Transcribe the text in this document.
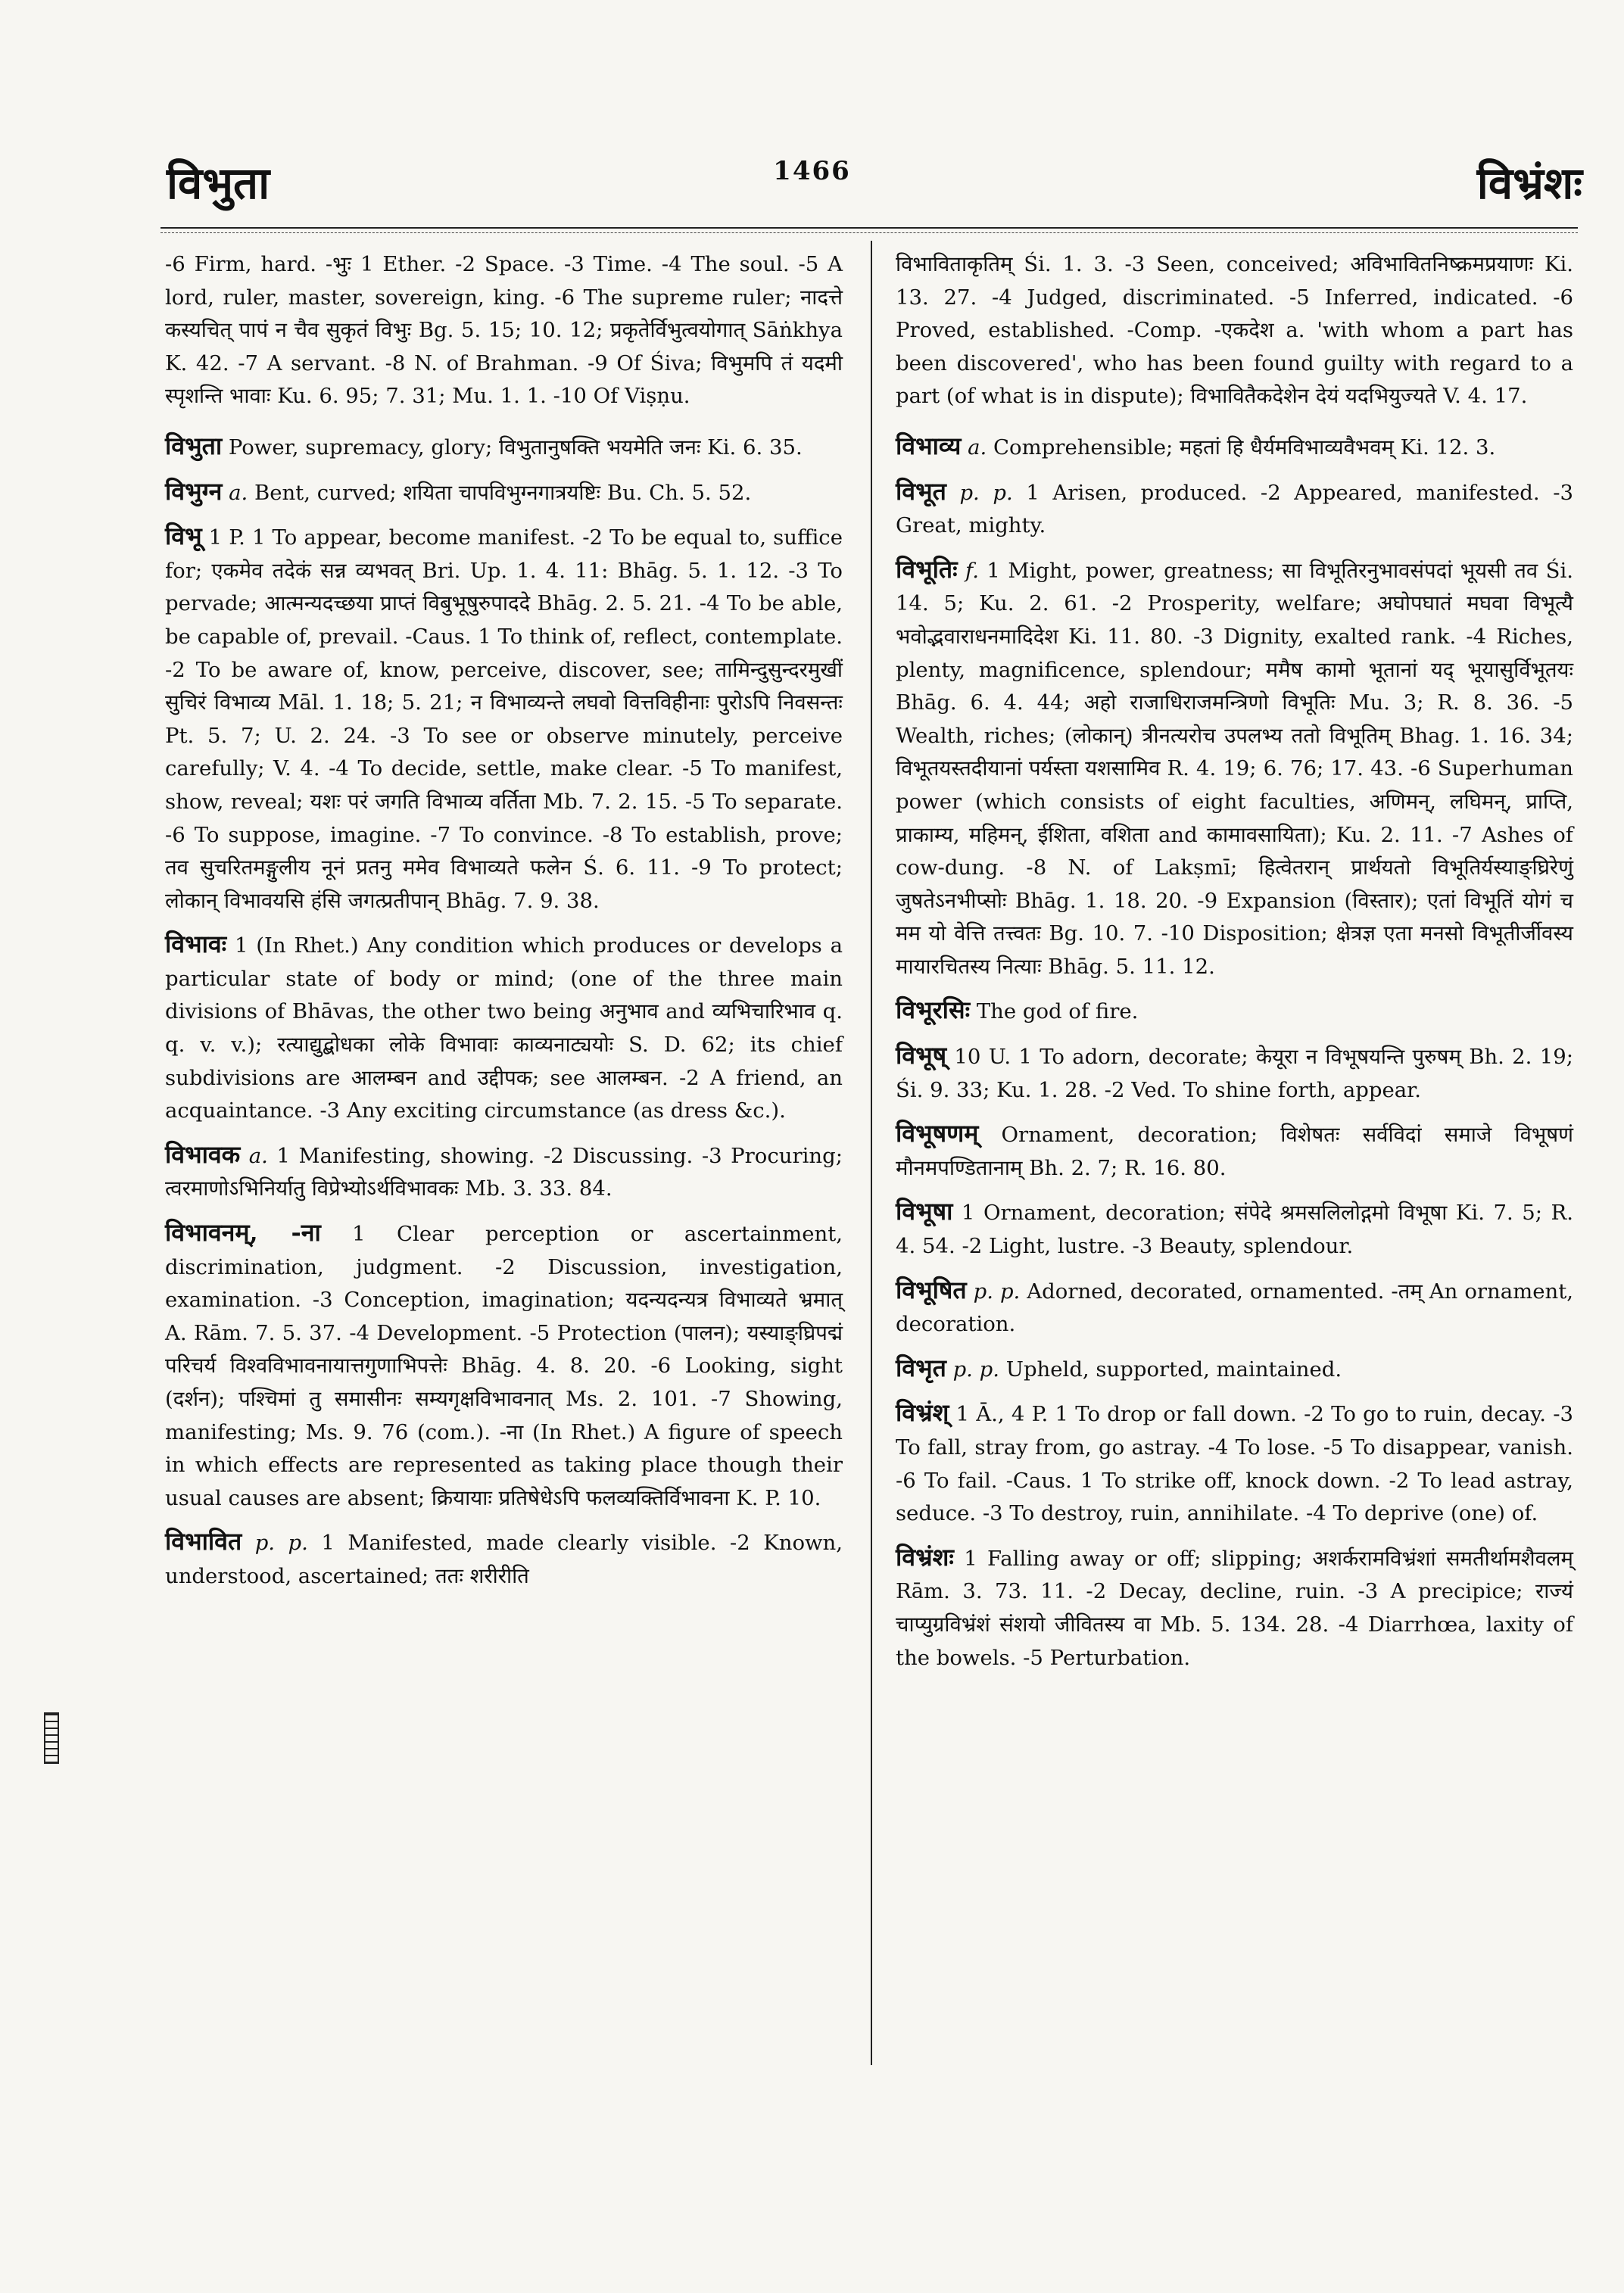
विभुता	1466	विभ्रंशः

-6 Firm, hard. -भुः 1 Ether. -2 Space. -3 Time. -4 The soul. -5 A lord, ruler, master, sovereign, king. -6 The supreme ruler; नादत्ते कस्यचित् पापं न चैव सुकृतं विभुः Bg. 5. 15; 10. 12; प्रकृतेर्विभुत्वयोगात् Sāṅkhya K. 42. -7 A servant. -8 N. of Brahman. -9 Of Śiva; विभुमपि तं यदमी स्पृशन्ति भावाः Ku. 6. 95; 7. 31; Mu. 1. 1. -10 Of Viṣṇu.

विभुता Power, supremacy, glory; विभुतानुषक्ति भयमेति जनः Ki. 6. 35.

विभुग्न a. Bent, curved; शयिता चापविभुग्नगात्रयष्टिः Bu. Ch. 5. 52.

विभू 1 P. 1 To appear, become manifest. -2 To be equal to, suffice for; एकमेव तदेकं सन्न व्यभवत् Bri. Up. 1. 4. 11: Bhāg. 5. 1. 12. -3 To pervade; आत्मन्यदच्छया प्राप्तं विबुभूषुरुपाददे Bhāg. 2. 5. 21. -4 To be able, be capable of, prevail. -Caus. 1 To think of, reflect, contemplate. -2 To be aware of, know, perceive, discover, see; तामिन्दुसुन्दरमुखीं सुचिरं विभाव्य Māl. 1. 18; 5. 21; न विभाव्यन्ते लघवो वित्तविहीनाः पुरोऽपि निवसन्तः Pt. 5. 7; U. 2. 24. -3 To see or observe minutely, perceive carefully; V. 4. -4 To decide, settle, make clear. -5 To manifest, show, reveal; यशः परं जगति विभाव्य वर्तिता Mb. 7. 2. 15. -5 To separate. -6 To suppose, imagine. -7 To convince. -8 To establish, prove; तव सुचरितमङ्गुलीय नूनं प्रतनु ममेव विभाव्यते फलेन Ś. 6. 11. -9 To protect; लोकान् विभावयसि हंसि जगत्प्रतीपान् Bhāg. 7. 9. 38.

विभावः 1 (In Rhet.) Any condition which produces or develops a particular state of body or mind; (one of the three main divisions of Bhāvas, the other two being अनुभाव and व्यभिचारिभाव q. q. v. v.); रत्याद्युद्बोधका लोके विभावाः काव्यनाट्ययोः S. D. 62; its chief subdivisions are आलम्बन and उद्दीपक; see आलम्बन. -2 A friend, an acquaintance. -3 Any exciting circumstance (as dress &c.).

विभावक a. 1 Manifesting, showing. -2 Discussing. -3 Procuring; त्वरमाणोऽभिनिर्यातु विप्रेभ्योऽर्थविभावकः Mb. 3. 33. 84.

विभावनम्, -ना 1 Clear perception or ascertainment, discrimination, judgment. -2 Discussion, investigation, examination. -3 Conception, imagination; यदन्यदन्यत्र विभाव्यते भ्रमात् A. Rām. 7. 5. 37. -4 Development. -5 Protection (पालन); यस्याङ्घ्रिपद्मं परिचर्य विश्वविभावनायात्तगुणाभिपत्तेः Bhāg. 4. 8. 20. -6 Looking, sight (दर्शन); पश्चिमां तु समासीनः सम्यगृक्षविभावनात् Ms. 2. 101. -7 Showing, manifesting; Ms. 9. 76 (com.). -ना (In Rhet.) A figure of speech in which effects are represented as taking place though their usual causes are absent; क्रियायाः प्रतिषेधेऽपि फलव्यक्तिर्विभावना K. P. 10.

विभावित p. p. 1 Manifested, made clearly visible. -2 Known, understood, ascertained; ततः शरीरीति

विभाविताकृतिम् Śi. 1. 3. -3 Seen, conceived; अविभावितनिष्क्रमप्रयाणः Ki. 13. 27. -4 Judged, discriminated. -5 Inferred, indicated. -6 Proved, established. -Comp. -एकदेश a. 'with whom a part has been discovered', who has been found guilty with regard to a part (of what is in dispute); विभावितैकदेशेन देयं यदभियुज्यते V. 4. 17.

विभाव्य a. Comprehensible; महतां हि धैर्यमविभाव्यवैभवम् Ki. 12. 3.

विभूत p. p. 1 Arisen, produced. -2 Appeared, manifested. -3 Great, mighty.

विभूतिः f. 1 Might, power, greatness; सा विभूतिरनुभावसंपदां भूयसी तव Śi. 14. 5; Ku. 2. 61. -2 Prosperity, welfare; अघोपघातं मघवा विभूत्यै भवोद्भवाराधनमादिदेश Ki. 11. 80. -3 Dignity, exalted rank. -4 Riches, plenty, magnificence, splendour; ममैष कामो भूतानां यद् भूयासुर्विभूतयः Bhāg. 6. 4. 44; अहो राजाधिराजमन्त्रिणो विभूतिः Mu. 3; R. 8. 36. -5 Wealth, riches; (लोकान्) त्रीनत्यरोच उपलभ्य ततो विभूतिम् Bhag. 1. 16. 34; विभूतयस्तदीयानां पर्यस्ता यशसामिव R. 4. 19; 6. 76; 17. 43. -6 Superhuman power (which consists of eight faculties, अणिमन्, लघिमन्, प्राप्ति, प्राकाम्य, महिमन्, ईशिता, वशिता and कामावसायिता); Ku. 2. 11. -7 Ashes of cow-dung. -8 N. of Lakṣmī; हित्वेतरान् प्रार्थयतो विभूतिर्यस्याङ्घ्रिरेणुं जुषतेऽनभीप्सोः Bhāg. 1. 18. 20. -9 Expansion (विस्तार); एतां विभूतिं योगं च मम यो वेत्ति तत्त्वतः Bg. 10. 7. -10 Disposition; क्षेत्रज्ञ एता मनसो विभूतीर्जीवस्य मायारचितस्य नित्याः Bhāg. 5. 11. 12.

विभूरसिः The god of fire.

विभूष् 10 U. 1 To adorn, decorate; केयूरा न विभूषयन्ति पुरुषम् Bh. 2. 19; Śi. 9. 33; Ku. 1. 28. -2 Ved. To shine forth, appear.

विभूषणम् Ornament, decoration; विशेषतः सर्वविदां समाजे विभूषणं मौनमपण्डितानाम् Bh. 2. 7; R. 16. 80.

विभूषा 1 Ornament, decoration; संपेदे श्रमसलिलोद्गमो विभूषा Ki. 7. 5; R. 4. 54. -2 Light, lustre. -3 Beauty, splendour.

विभूषित p. p. Adorned, decorated, ornamented. -तम् An ornament, decoration.

विभृत p. p. Upheld, supported, maintained.

विभ्रंश् 1 Ā., 4 P. 1 To drop or fall down. -2 To go to ruin, decay. -3 To fall, stray from, go astray. -4 To lose. -5 To disappear, vanish. -6 To fail. -Caus. 1 To strike off, knock down. -2 To lead astray, seduce. -3 To destroy, ruin, annihilate. -4 To deprive (one) of.

विभ्रंशः 1 Falling away or off; slipping; अशर्करामविभ्रंशां समतीर्थामशैवलम् Rām. 3. 73. 11. -2 Decay, decline, ruin. -3 A precipice; राज्यं चाप्युग्रविभ्रंशं संशयो जीवितस्य वा Mb. 5. 134. 28. -4 Diarrhœa, laxity of the bowels. -5 Perturbation.
